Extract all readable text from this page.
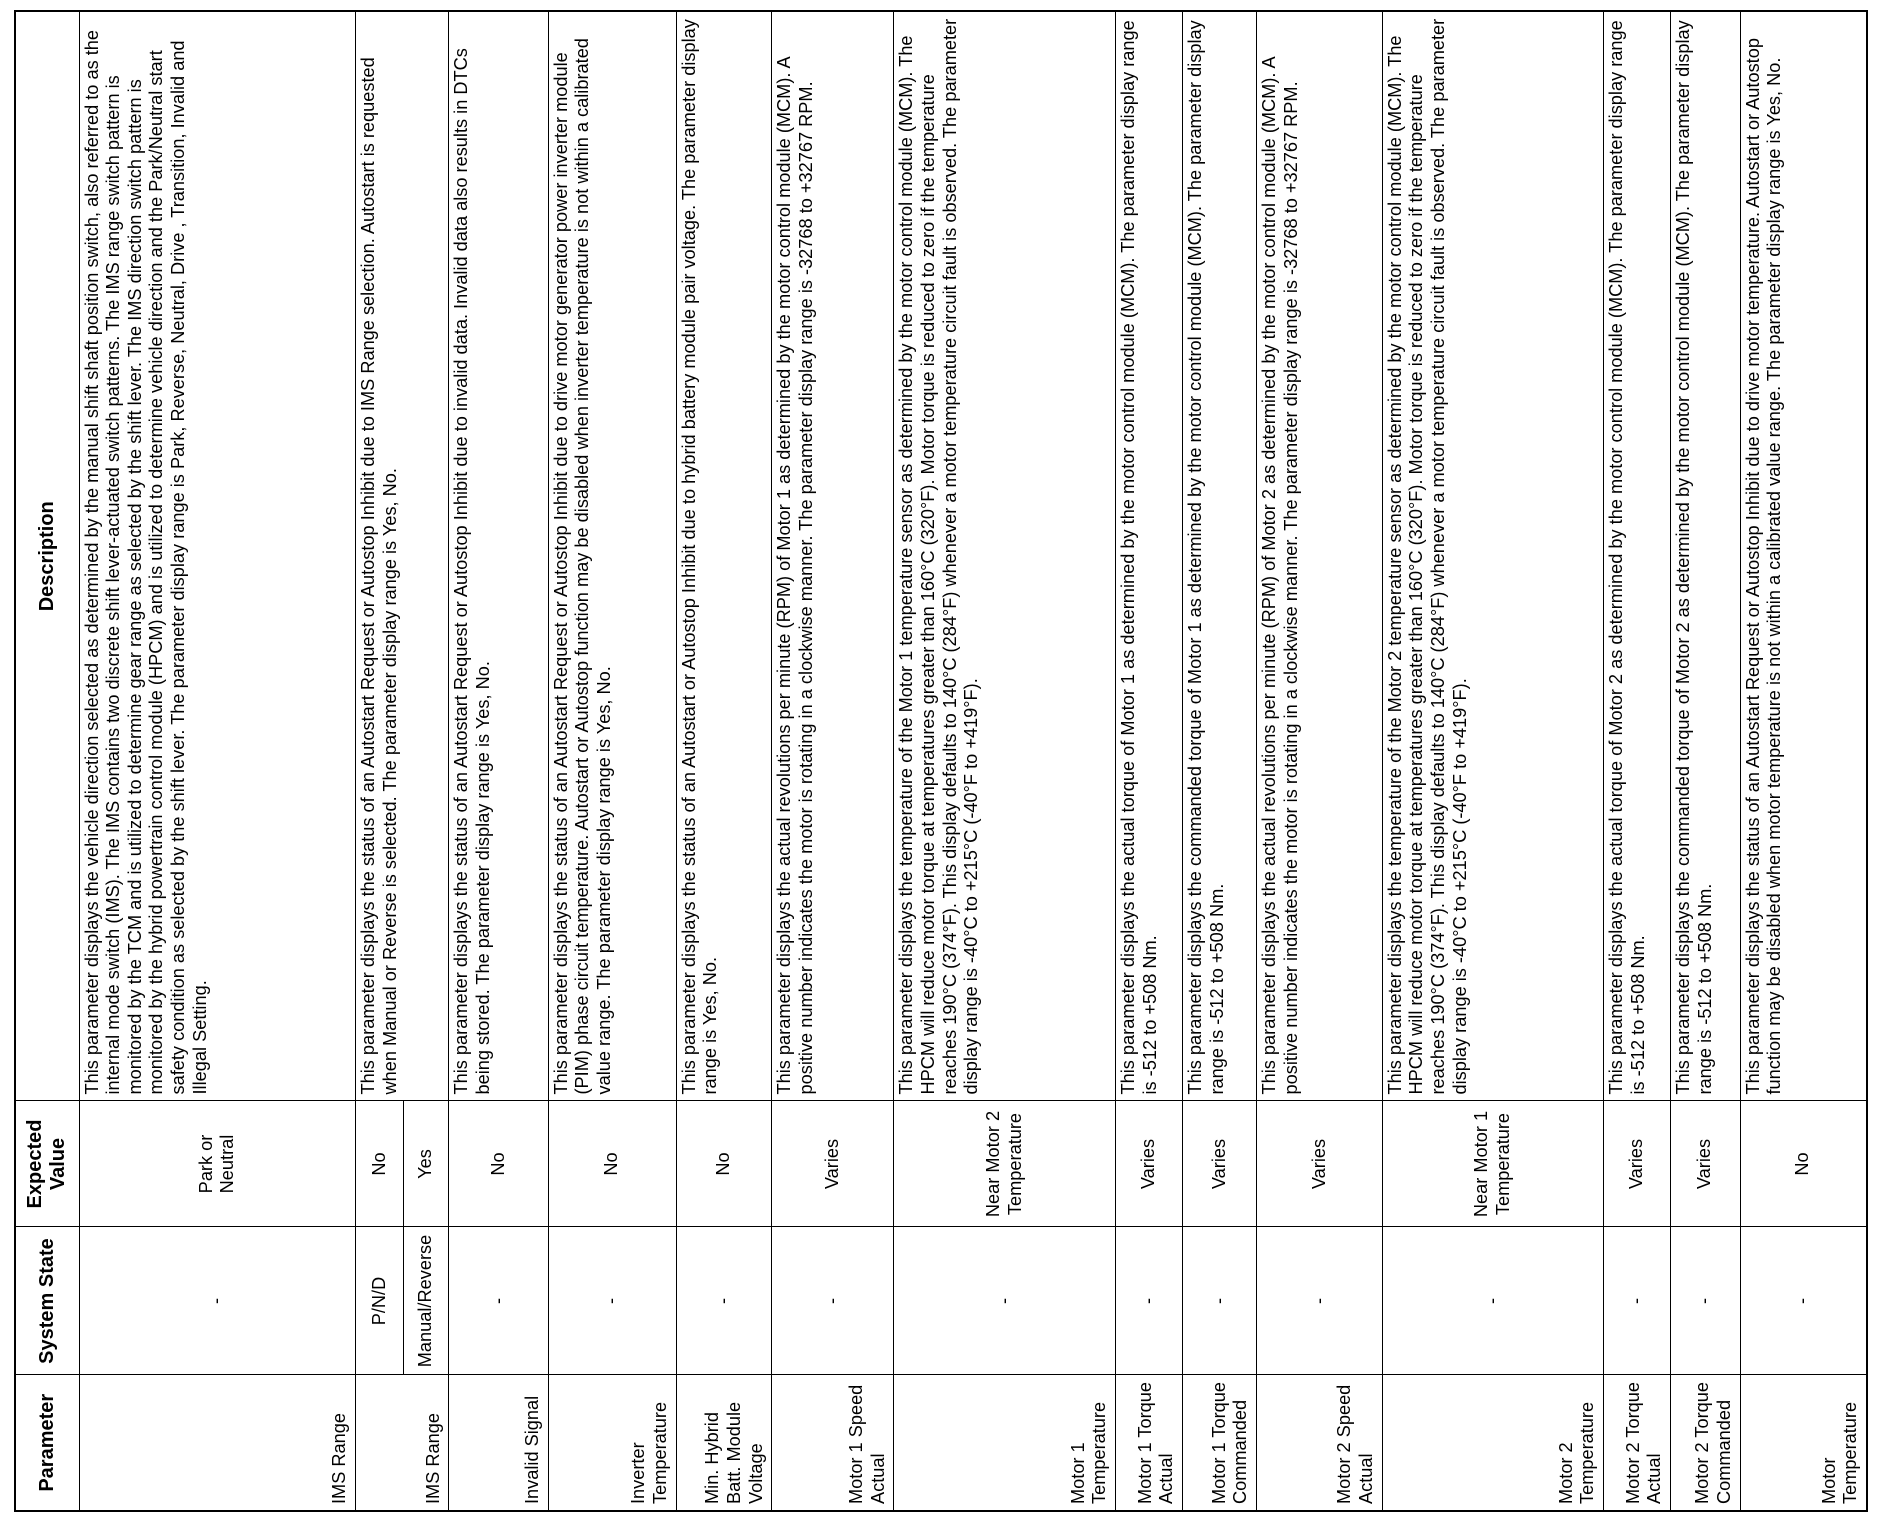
Parameter	System State	Expected Value	Description
IMS Range	-	Park or Neutral	This parameter displays the vehicle direction selected as determined by the manual shift shaft position switch, also referred to as the internal mode switch (IMS). The IMS contains two discrete shift lever-actuated switch patterns. The IMS range switch pattern is monitored by the TCM and is utilized to determine gear range as selected by the shift lever. The IMS direction switch pattern is monitored by the hybrid powertrain control module (HPCM) and is utilized to determine vehicle direction and the Park/Neutral start safety condition as selected by the shift lever. The parameter display range is Park, Reverse, Neutral, Drive , Transition, Invalid and Illegal Setting.
IMS Range	P/N/D	No	This parameter displays the status of an Autostart Request or Autostop Inhibit due to IMS Range selection. Autostart is requested when Manual or Reverse is selected. The parameter display range is Yes, No.
	Manual/Reverse	Yes	
Invalid Signal	-	No	This parameter displays the status of an Autostart Request or Autostop Inhibit due to invalid data. Invalid data also results in DTCs being stored. The parameter display range is Yes, No.
Inverter Temperature	-	No	This parameter displays the status of an Autostart Request or Autostop Inhibit due to drive motor generator power inverter module (PIM) phase circuit temperature. Autostart or Autostop function may be disabled when inverter temperature is not within a calibrated value range. The parameter display range is Yes, No.
Min. Hybrid Batt. Module Voltage	-	No	This parameter displays the status of an Autostart or Autostop Inhibit due to hybrid battery module pair voltage. The parameter display range is Yes, No.
Motor 1 Speed Actual	-	Varies	This parameter displays the actual revolutions per minute (RPM) of Motor 1 as determined by the motor control module (MCM). A positive number indicates the motor is rotating in a clockwise manner. The parameter display range is -32768 to +32767 RPM.
Motor 1 Temperature	-	Near Motor 2 Temperature	This parameter displays the temperature of the Motor 1 temperature sensor as determined by the motor control module (MCM). The HPCM will reduce motor torque at temperatures greater than 160°C (320°F). Motor torque is reduced to zero if the temperature reaches 190°C (374°F). This display defaults to 140°C (284°F) whenever a motor temperature circuit fault is observed. The parameter display range is -40°C to +215°C (-40°F to +419°F).
Motor 1 Torque Actual	-	Varies	This parameter displays the actual torque of Motor 1 as determined by the motor control module (MCM). The parameter display range is -512 to +508 Nm.
Motor 1 Torque Commanded	-	Varies	This parameter displays the commanded torque of Motor 1 as determined by the motor control module (MCM). The parameter display range is -512 to +508 Nm.
Motor 2 Speed Actual	-	Varies	This parameter displays the actual revolutions per minute (RPM) of Motor 2 as determined by the motor control module (MCM). A positive number indicates the motor is rotating in a clockwise manner. The parameter display range is -32768 to +32767 RPM.
Motor 2 Temperature	-	Near Motor 1 Temperature	This parameter displays the temperature of the Motor 2 temperature sensor as determined by the motor control module (MCM). The HPCM will reduce motor torque at temperatures greater than 160°C (320°F). Motor torque is reduced to zero if the temperature reaches 190°C (374°F). This display defaults to 140°C (284°F) whenever a motor temperature circuit fault is observed. The parameter display range is -40°C to +215°C (-40°F to +419°F).
Motor 2 Torque Actual	-	Varies	This parameter displays the actual torque of Motor 2 as determined by the motor control module (MCM). The parameter display range is -512 to +508 Nm.
Motor 2 Torque Commanded	-	Varies	This parameter displays the commanded torque of Motor 2 as determined by the motor control module (MCM). The parameter display range is -512 to +508 Nm.
Motor Temperature	-	No	This parameter displays the status of an Autostart Request or Autostop Inhibit due to drive motor temperature. Autostart or Autostop function may be disabled when motor temperature is not within a calibrated value range. The parameter display range is Yes, No.
